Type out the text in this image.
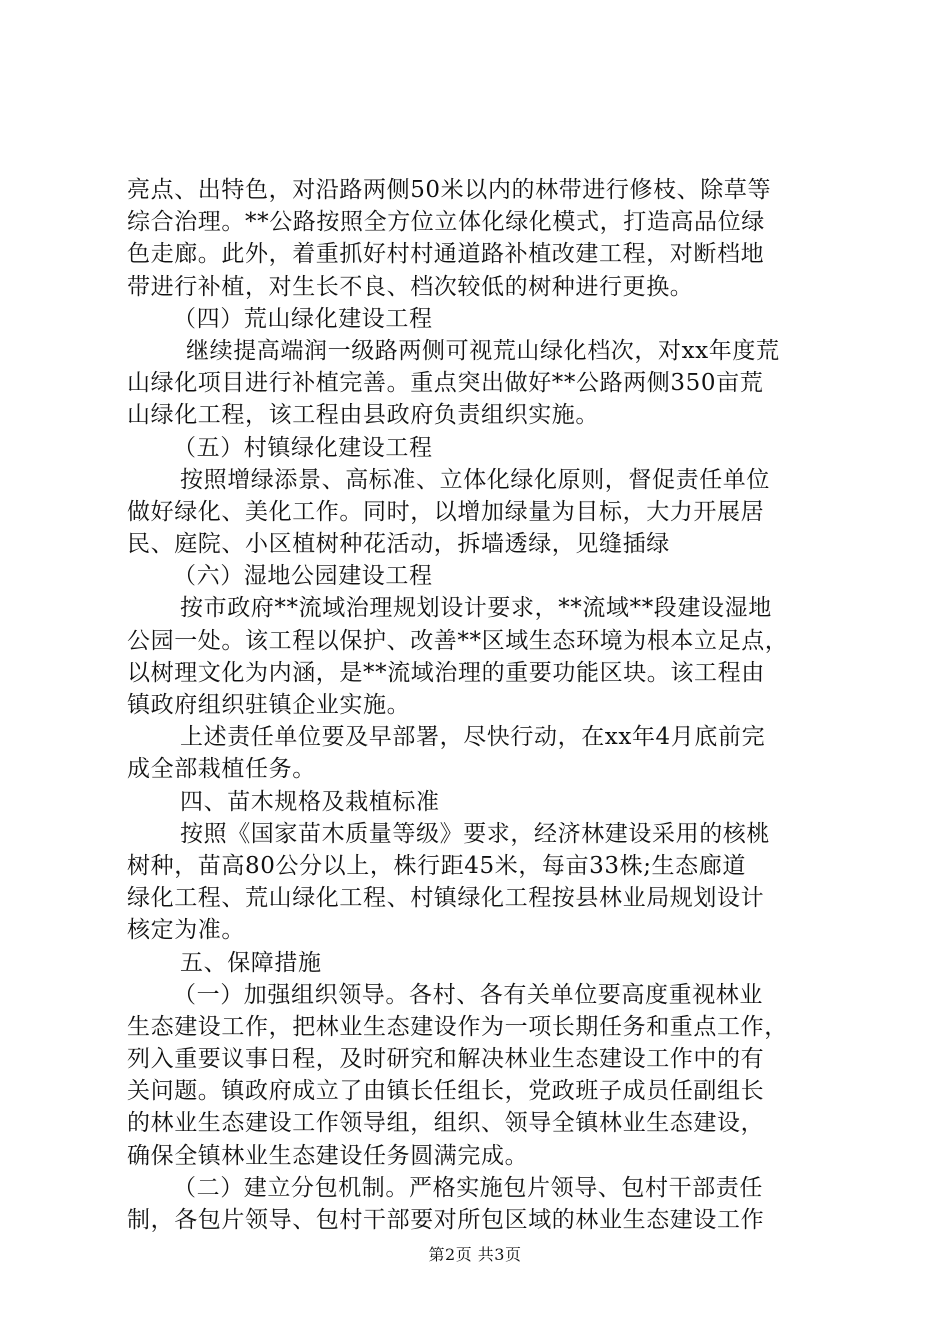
亮点、出特色，对沿路两侧50米以内的林带进行修枝、除草等
综合治理。**公路按照全方位立体化绿化模式，打造高品位绿
色走廊。此外，着重抓好村村通道路补植改建工程，对断档地
带进行补植，对生长不良、档次较低的树种进行更换。
（四）荒山绿化建设工程
继续提高端润一级路两侧可视荒山绿化档次，对xx年度荒
山绿化项目进行补植完善。重点突出做好**公路两侧350亩荒
山绿化工程，该工程由县政府负责组织实施。
（五）村镇绿化建设工程
按照增绿添景、高标准、立体化绿化原则，督促责任单位
做好绿化、美化工作。同时，以增加绿量为目标，大力开展居
民、庭院、小区植树种花活动，拆墙透绿，见缝插绿
（六）湿地公园建设工程
按市政府**流域治理规划设计要求，**流域**段建设湿地
公园一处。该工程以保护、改善**区域生态环境为根本立足点，
以树理文化为内涵，是**流域治理的重要功能区块。该工程由
镇政府组织驻镇企业实施。
上述责任单位要及早部署，尽快行动，在xx年4月底前完
成全部栽植任务。
四、苗木规格及栽植标准
按照《国家苗木质量等级》要求，经济林建设采用的核桃
树种，苗高80公分以上，株行距45米，每亩33株;生态廊道
绿化工程、荒山绿化工程、村镇绿化工程按县林业局规划设计
核定为准。
五、保障措施
（一）加强组织领导。各村、各有关单位要高度重视林业
生态建设工作，把林业生态建设作为一项长期任务和重点工作，
列入重要议事日程，及时研究和解决林业生态建设工作中的有
关问题。镇政府成立了由镇长任组长，党政班子成员任副组长
的林业生态建设工作领导组，组织、领导全镇林业生态建设，
确保全镇林业生态建设任务圆满完成。
（二）建立分包机制。严格实施包片领导、包村干部责任
制，各包片领导、包村干部要对所包区域的林业生态建设工作
第2页 共3页
